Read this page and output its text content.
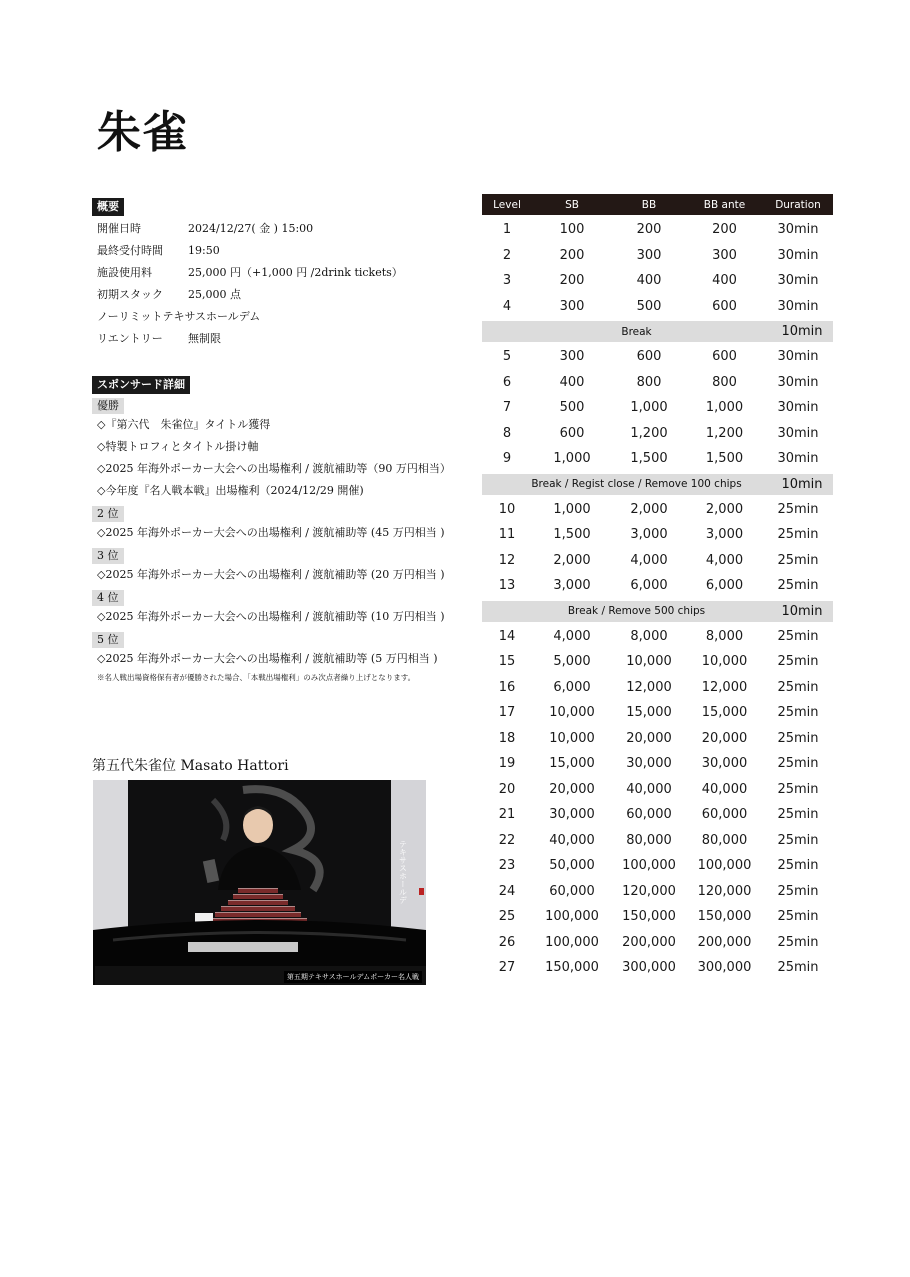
朱雀
概要
開催日時	2024/12/27( 金 ) 15:00
最終受付時間	19:50
施設使用料	25,000 円（+1,000 円 /2drink tickets）
初期スタック	25,000 点
ノーリミットテキサスホールデム
リエントリー	無制限
スポンサード詳細
優勝
◇『第六代　朱雀位』タイトル獲得
◇特製トロフィとタイトル掛け軸
◇2025 年海外ポーカー大会への出場権利 / 渡航補助等（90 万円相当）
◇今年度『名人戦本戦』出場権利（2024/12/29 開催)
2 位
◇2025 年海外ポーカー大会への出場権利 / 渡航補助等 (45 万円相当 )
3 位
◇2025 年海外ポーカー大会への出場権利 / 渡航補助等 (20 万円相当 )
4 位
◇2025 年海外ポーカー大会への出場権利 / 渡航補助等 (10 万円相当 )
5 位
◇2025 年海外ポーカー大会への出場権利 / 渡航補助等 (5 万円相当 )
※名人戦出場資格保有者が優勝された場合、「本戦出場権利」のみ次点者繰り上げとなります。
第五代朱雀位 Masato Hattori
テキサスホールデ
第五期テキサスホールデムポーカー名人戦
Level	SB	BB	BB ante	Duration
1	100	200	200	30min
2	200	300	300	30min
3	200	400	400	30min
4	300	500	600	30min
Break	10min
5	300	600	600	30min
6	400	800	800	30min
7	500	1,000	1,000	30min
8	600	1,200	1,200	30min
9	1,000	1,500	1,500	30min
Break / Regist close / Remove 100 chips	10min
10	1,000	2,000	2,000	25min
11	1,500	3,000	3,000	25min
12	2,000	4,000	4,000	25min
13	3,000	6,000	6,000	25min
Break / Remove 500 chips	10min
14	4,000	8,000	8,000	25min
15	5,000	10,000	10,000	25min
16	6,000	12,000	12,000	25min
17	10,000	15,000	15,000	25min
18	10,000	20,000	20,000	25min
19	15,000	30,000	30,000	25min
20	20,000	40,000	40,000	25min
21	30,000	60,000	60,000	25min
22	40,000	80,000	80,000	25min
23	50,000	100,000	100,000	25min
24	60,000	120,000	120,000	25min
25	100,000	150,000	150,000	25min
26	100,000	200,000	200,000	25min
27	150,000	300,000	300,000	25min
